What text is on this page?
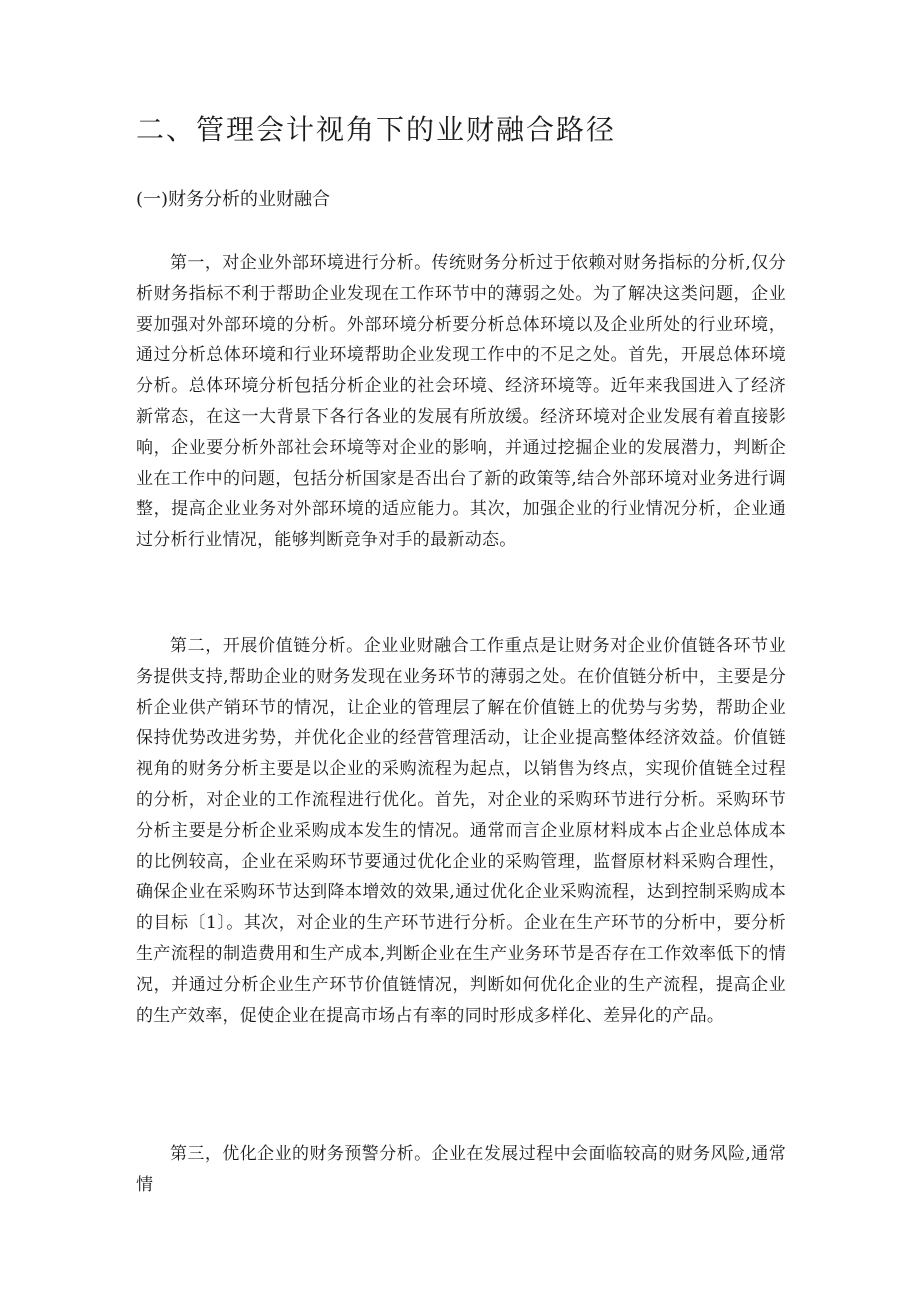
二、管理会计视角下的业财融合路径
(一)财务分析的业财融合

第一，对企业外部环境进行分析。传统财务分析过于依赖对财务指标的分析,仅分析财务指标不利于帮助企业发现在工作环节中的薄弱之处。为了解决这类问题，企业要加强对外部环境的分析。外部环境分析要分析总体环境以及企业所处的行业环境，通过分析总体环境和行业环境帮助企业发现工作中的不足之处。首先，开展总体环境分析。总体环境分析包括分析企业的社会环境、经济环境等。近年来我国进入了经济新常态，在这一大背景下各行各业的发展有所放缓。经济环境对企业发展有着直接影响，企业要分析外部社会环境等对企业的影响，并通过挖掘企业的发展潜力，判断企业在工作中的问题，包括分析国家是否出台了新的政策等,结合外部环境对业务进行调整，提高企业业务对外部环境的适应能力。其次，加强企业的行业情况分析，企业通过分析行业情况，能够判断竞争对手的最新动态。

第二，开展价值链分析。企业业财融合工作重点是让财务对企业价值链各环节业务提供支持,帮助企业的财务发现在业务环节的薄弱之处。在价值链分析中，主要是分析企业供产销环节的情况，让企业的管理层了解在价值链上的优势与劣势，帮助企业保持优势改进劣势，并优化企业的经营管理活动，让企业提高整体经济效益。价值链视角的财务分析主要是以企业的采购流程为起点，以销售为终点，实现价值链全过程的分析，对企业的工作流程进行优化。首先，对企业的采购环节进行分析。采购环节分析主要是分析企业采购成本发生的情况。通常而言企业原材料成本占企业总体成本的比例较高，企业在采购环节要通过优化企业的采购管理，监督原材料采购合理性，确保企业在采购环节达到降本增效的效果,通过优化企业采购流程，达到控制采购成本的目标〔1〕。其次，对企业的生产环节进行分析。企业在生产环节的分析中，要分析生产流程的制造费用和生产成本,判断企业在生产业务环节是否存在工作效率低下的情况，并通过分析企业生产环节价值链情况，判断如何优化企业的生产流程，提高企业的生产效率，促使企业在提高市场占有率的同时形成多样化、差异化的产品。

第三，优化企业的财务预警分析。企业在发展过程中会面临较高的财务风险,通常情
